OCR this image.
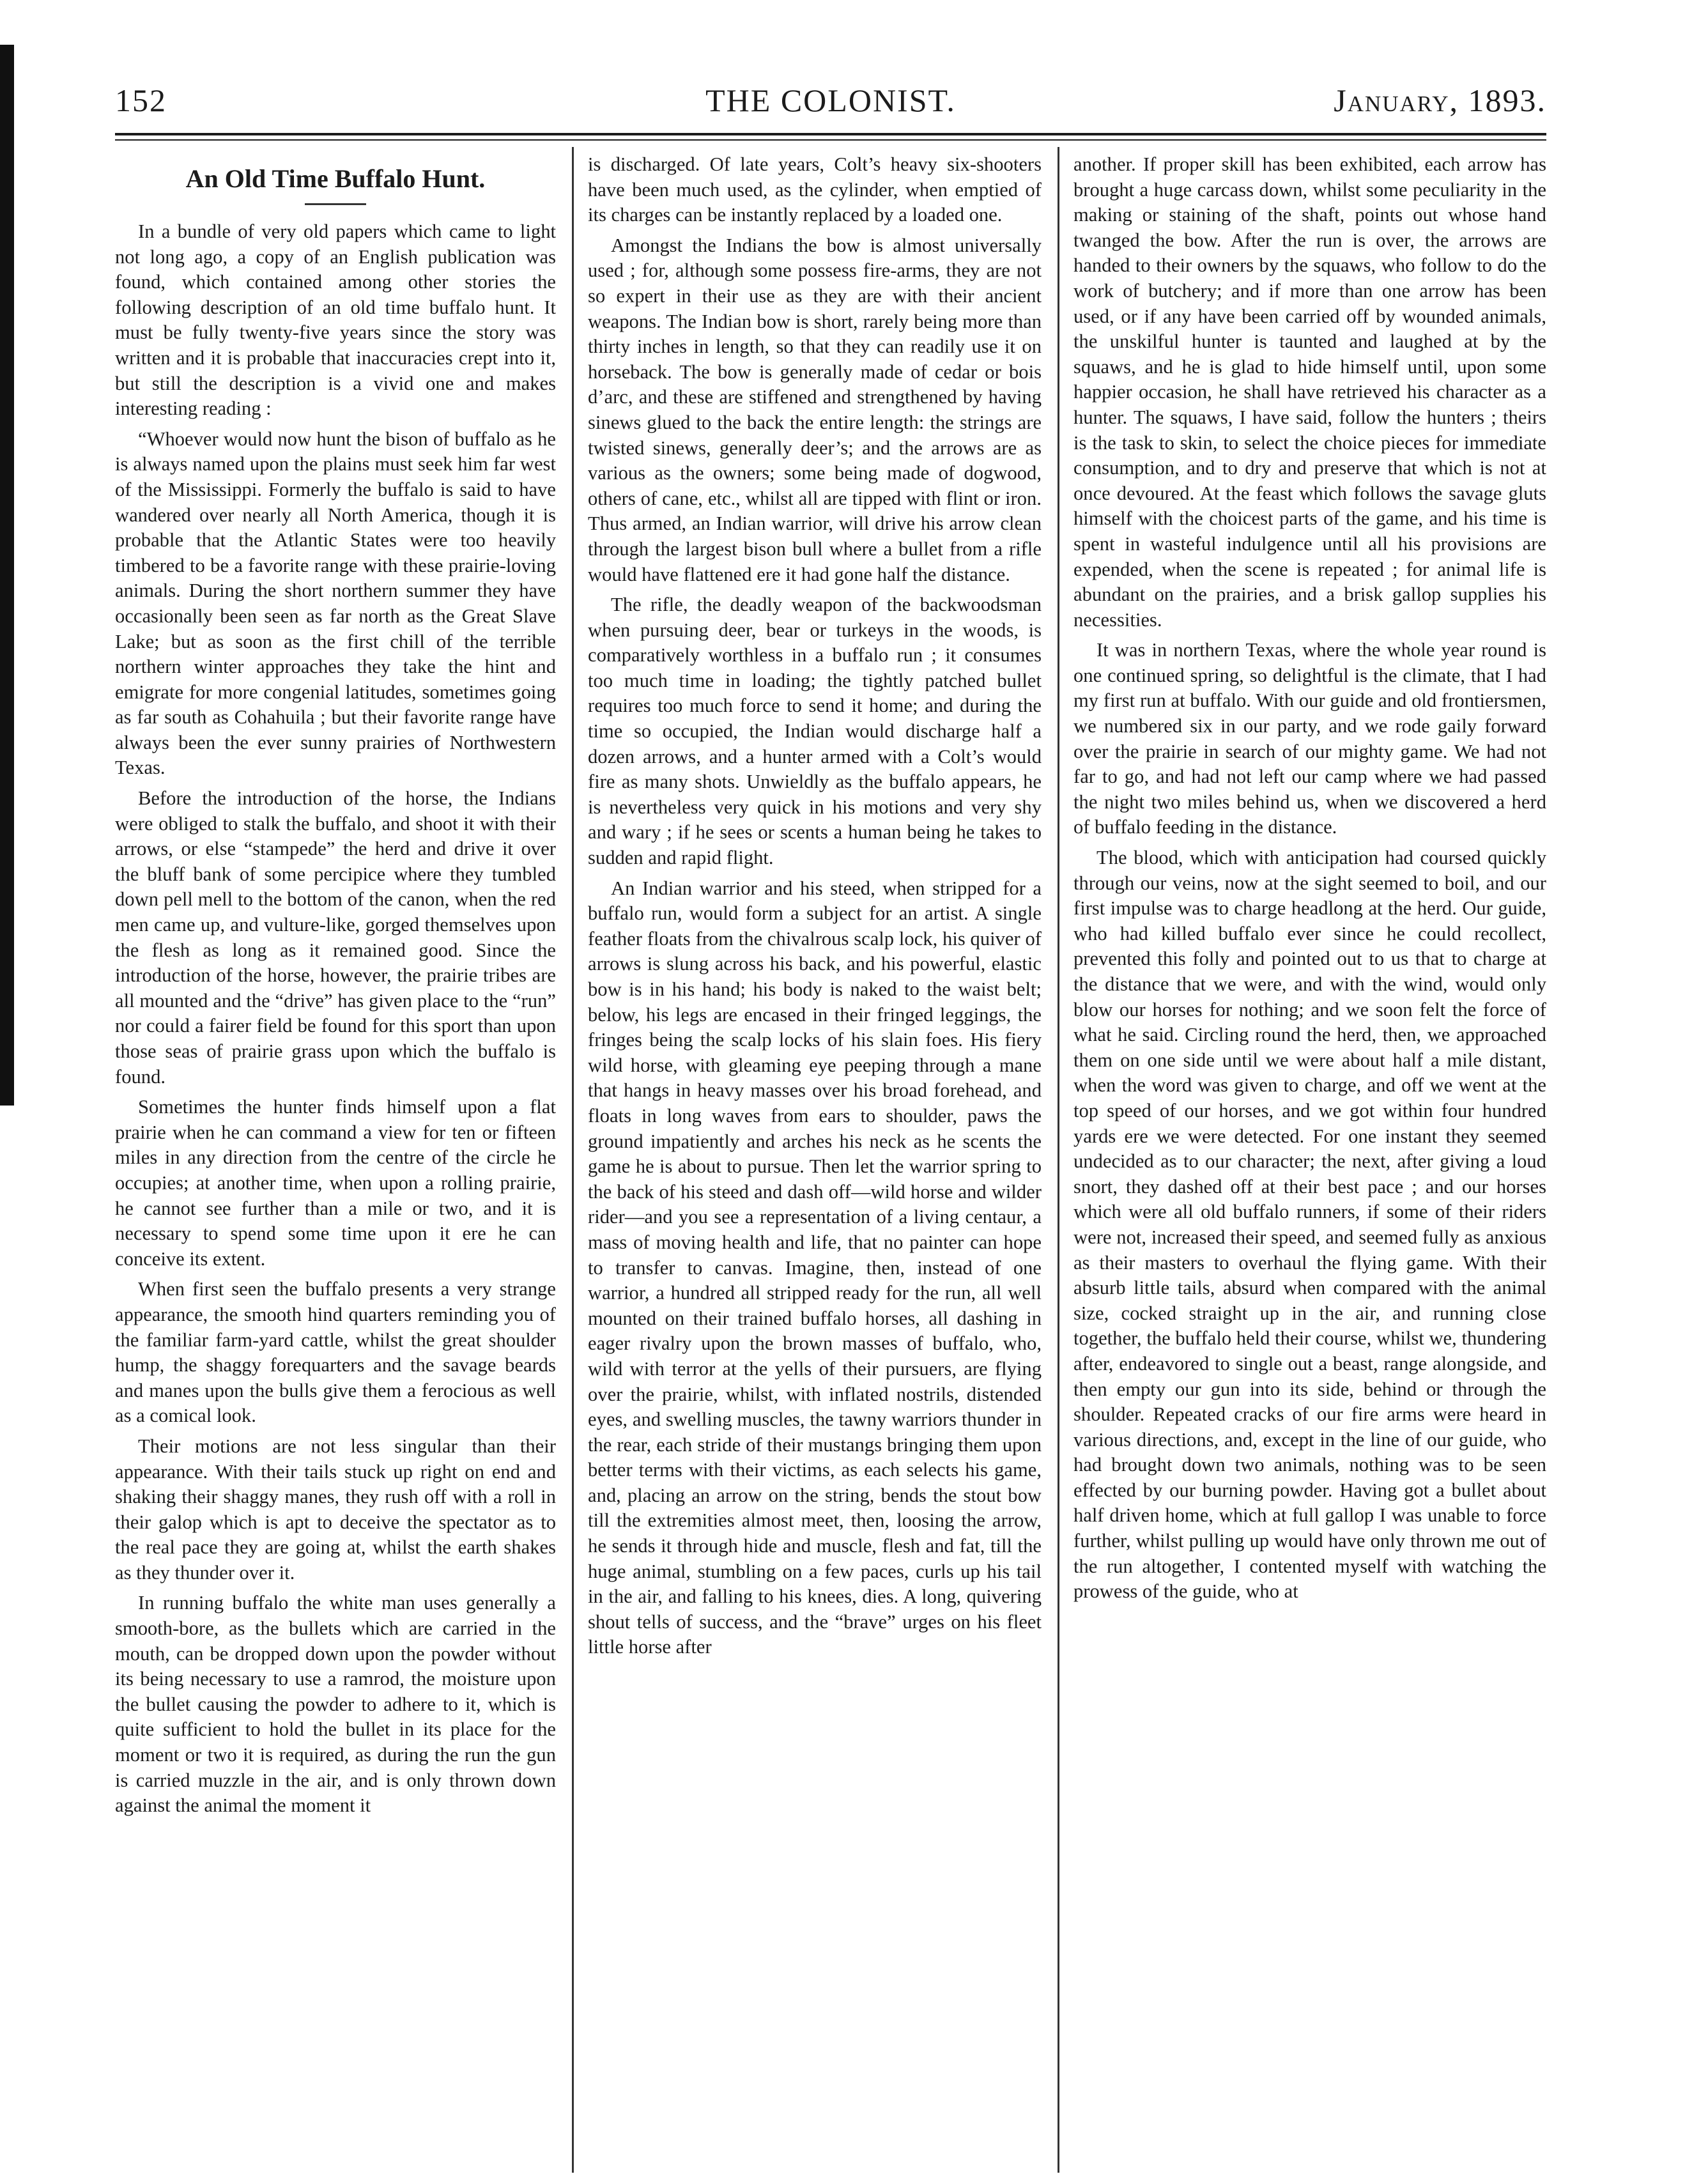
THE COLONIST.
152	January, 1893.
An Old Time Buffalo Hunt.

In a bundle of very old papers which came to light not long ago, a copy of an English publication was found, which contained among other stories the following description of an old time buffalo hunt. It must be fully twenty-five years since the story was written and it is probable that inaccuracies crept into it, but still the description is a vivid one and makes interesting reading :

“Whoever would now hunt the bison of buffalo as he is always named upon the plains must seek him far west of the Mississippi. Formerly the buffalo is said to have wandered over nearly all North America, though it is probable that the Atlantic States were too heavily timbered to be a favorite range with these prairie-loving animals. During the short northern summer they have occasionally been seen as far north as the Great Slave Lake; but as soon as the first chill of the terrible northern winter approaches they take the hint and emigrate for more congenial latitudes, sometimes going as far south as Cohahuila ; but their favorite range have always been the ever sunny prairies of Northwestern Texas.

Before the introduction of the horse, the Indians were obliged to stalk the buffalo, and shoot it with their arrows, or else “stampede” the herd and drive it over the bluff bank of some percipice where they tumbled down pell mell to the bottom of the canon, when the red men came up, and vulture-like, gorged themselves upon the flesh as long as it remained good. Since the introduction of the horse, however, the prairie tribes are all mounted and the “drive” has given place to the “run” nor could a fairer field be found for this sport than upon those seas of prairie grass upon which the buffalo is found.

Sometimes the hunter finds himself upon a flat prairie when he can command a view for ten or fifteen miles in any direction from the centre of the circle he occupies; at another time, when upon a rolling prairie, he cannot see further than a mile or two, and it is necessary to spend some time upon it ere he can conceive its extent.

When first seen the buffalo presents a very strange appearance, the smooth hind quarters reminding you of the familiar farm-yard cattle, whilst the great shoulder hump, the shaggy forequarters and the savage beards and manes upon the bulls give them a ferocious as well as a comical look.

Their motions are not less singular than their appearance. With their tails stuck up right on end and shaking their shaggy manes, they rush off with a roll in their galop which is apt to deceive the spectator as to the real pace they are going at, whilst the earth shakes as they thunder over it.

In running buffalo the white man uses generally a smooth-bore, as the bullets which are carried in the mouth, can be dropped down upon the powder without its being necessary to use a ramrod, the moisture upon the bullet causing the powder to adhere to it, which is quite sufficient to hold the bullet in its place for the moment or two it is required, as during the run the gun is carried muzzle in the air, and is only thrown down against the animal the moment it

is discharged. Of late years, Colt’s heavy six-shooters have been much used, as the cylinder, when emptied of its charges can be instantly replaced by a loaded one.

Amongst the Indians the bow is almost universally used ; for, although some possess fire-arms, they are not so expert in their use as they are with their ancient weapons. The Indian bow is short, rarely being more than thirty inches in length, so that they can readily use it on horseback. The bow is generally made of cedar or bois d’arc, and these are stiffened and strengthened by having sinews glued to the back the entire length: the strings are twisted sinews, generally deer’s; and the arrows are as various as the owners; some being made of dogwood, others of cane, etc., whilst all are tipped with flint or iron. Thus armed, an Indian warrior, will drive his arrow clean through the largest bison bull where a bullet from a rifle would have flattened ere it had gone half the distance.

The rifle, the deadly weapon of the backwoodsman when pursuing deer, bear or turkeys in the woods, is comparatively worthless in a buffalo run ; it consumes too much time in loading; the tightly patched bullet requires too much force to send it home; and during the time so occupied, the Indian would discharge half a dozen arrows, and a hunter armed with a Colt’s would fire as many shots. Unwieldly as the buffalo appears, he is nevertheless very quick in his motions and very shy and wary ; if he sees or scents a human being he takes to sudden and rapid flight.

An Indian warrior and his steed, when stripped for a buffalo run, would form a subject for an artist. A single feather floats from the chivalrous scalp lock, his quiver of arrows is slung across his back, and his powerful, elastic bow is in his hand; his body is naked to the waist belt; below, his legs are encased in their fringed leggings, the fringes being the scalp locks of his slain foes. His fiery wild horse, with gleaming eye peeping through a mane that hangs in heavy masses over his broad forehead, and floats in long waves from ears to shoulder, paws the ground impatiently and arches his neck as he scents the game he is about to pursue. Then let the warrior spring to the back of his steed and dash off—wild horse and wilder rider—and you see a representation of a living centaur, a mass of moving health and life, that no painter can hope to transfer to canvas. Imagine, then, instead of one warrior, a hundred all stripped ready for the run, all well mounted on their trained buffalo horses, all dashing in eager rivalry upon the brown masses of buffalo, who, wild with terror at the yells of their pursuers, are flying over the prairie, whilst, with inflated nostrils, distended eyes, and swelling muscles, the tawny warriors thunder in the rear, each stride of their mustangs bringing them upon better terms with their victims, as each selects his game, and, placing an arrow on the string, bends the stout bow till the extremities almost meet, then, loosing the arrow, he sends it through hide and muscle, flesh and fat, till the huge animal, stumbling on a few paces, curls up his tail in the air, and falling to his knees, dies. A long, quivering shout tells of success, and the “brave” urges on his fleet little horse after

another. If proper skill has been exhibited, each arrow has brought a huge carcass down, whilst some peculiarity in the making or staining of the shaft, points out whose hand twanged the bow. After the run is over, the arrows are handed to their owners by the squaws, who follow to do the work of butchery; and if more than one arrow has been used, or if any have been carried off by wounded animals, the unskilful hunter is taunted and laughed at by the squaws, and he is glad to hide himself until, upon some happier occasion, he shall have retrieved his character as a hunter. The squaws, I have said, follow the hunters ; theirs is the task to skin, to select the choice pieces for immediate consumption, and to dry and preserve that which is not at once devoured. At the feast which follows the savage gluts himself with the choicest parts of the game, and his time is spent in wasteful indulgence until all his provisions are expended, when the scene is repeated ; for animal life is abundant on the prairies, and a brisk gallop supplies his necessities.

It was in northern Texas, where the whole year round is one continued spring, so delightful is the climate, that I had my first run at buffalo. With our guide and old frontiersmen, we numbered six in our party, and we rode gaily forward over the prairie in search of our mighty game. We had not far to go, and had not left our camp where we had passed the night two miles behind us, when we discovered a herd of buffalo feeding in the distance.

The blood, which with anticipation had coursed quickly through our veins, now at the sight seemed to boil, and our first impulse was to charge headlong at the herd. Our guide, who had killed buffalo ever since he could recollect, prevented this folly and pointed out to us that to charge at the distance that we were, and with the wind, would only blow our horses for nothing; and we soon felt the force of what he said. Circling round the herd, then, we approached them on one side until we were about half a mile distant, when the word was given to charge, and off we went at the top speed of our horses, and we got within four hundred yards ere we were detected. For one instant they seemed undecided as to our character; the next, after giving a loud snort, they dashed off at their best pace ; and our horses which were all old buffalo runners, if some of their riders were not, increased their speed, and seemed fully as anxious as their masters to overhaul the flying game. With their absurb little tails, absurd when compared with the animal size, cocked straight up in the air, and running close together, the buffalo held their course, whilst we, thundering after, endeavored to single out a beast, range alongside, and then empty our gun into its side, behind or through the shoulder. Repeated cracks of our fire arms were heard in various directions, and, except in the line of our guide, who had brought down two animals, nothing was to be seen effected by our burning powder. Having got a bullet about half driven home, which at full gallop I was unable to force further, whilst pulling up would have only thrown me out of the run altogether, I contented myself with watching the prowess of the guide, who at
